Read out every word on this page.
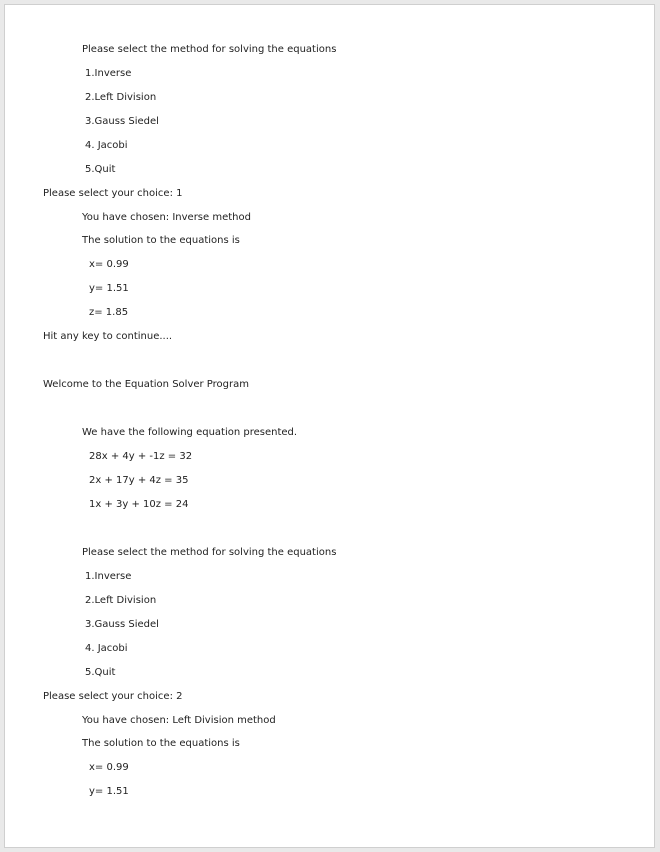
Please select the method for solving the equations
1.Inverse
2.Left Division
3.Gauss Siedel
4. Jacobi
5.Quit
Please select your choice: 1
You have chosen: Inverse method
The solution to the equations is
x= 0.99
y= 1.51
z= 1.85
Hit any key to continue....
Welcome to the Equation Solver Program
We have the following equation presented.
28x + 4y + -1z = 32
2x + 17y + 4z = 35
1x + 3y + 10z = 24
Please select the method for solving the equations
1.Inverse
2.Left Division
3.Gauss Siedel
4. Jacobi
5.Quit
Please select your choice: 2
You have chosen: Left Division method
The solution to the equations is
x= 0.99
y= 1.51
